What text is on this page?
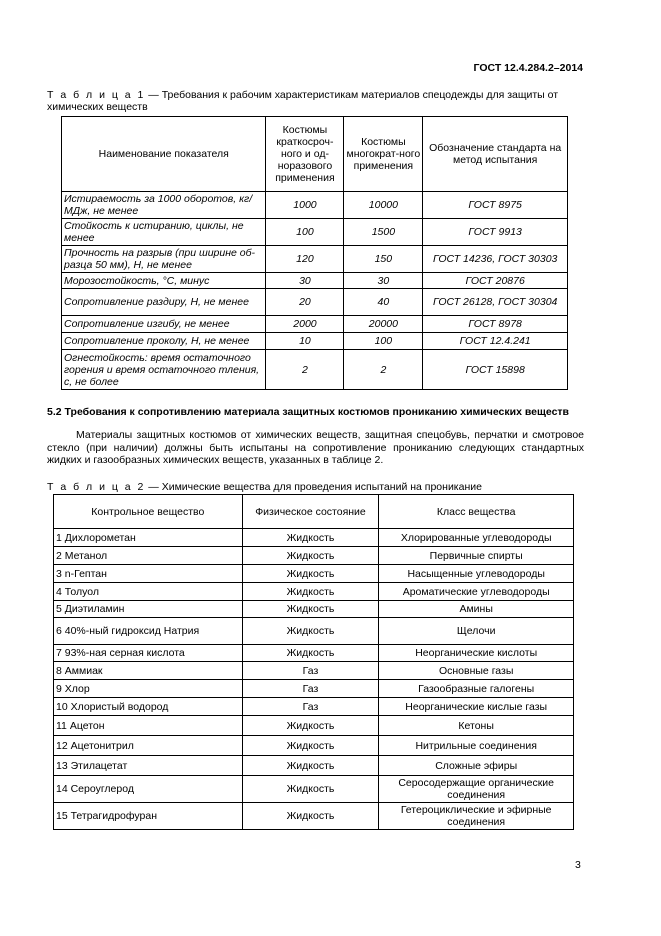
ГОСТ 12.4.284.2–2014
Т а б л и ц а 1 — Требования к рабочим характеристикам материалов спецодежды для защиты от химических веществ
Наименование показателя	Костюмы краткосроч-ного и од-норазового применения	Костюмы многократ-ного применения	Обозначение стандарта на метод испытания
Истираемость за 1000 оборотов, кг/МДж, не менее	1000	10000	ГОСТ 8975
Стойкость к истиранию, циклы, не менее	100	1500	ГОСТ 9913
Прочность на разрыв (при ширине об-разца 50 мм), Н, не менее	120	150	ГОСТ 14236, ГОСТ 30303
Морозостойкость, °С, минус	30	30	ГОСТ 20876
Сопротивление раздиру, Н, не менее	20	40	ГОСТ 26128, ГОСТ 30304
Сопротивление изгибу, не менее	2000	20000	ГОСТ 8978
Сопротивление проколу, Н, не менее	10	100	ГОСТ 12.4.241
Огнестойкость: время остаточного горения и время остаточного тления, с, не более	2	2	ГОСТ 15898
5.2 Требования к сопротивлению материала защитных костюмов прониканию химических веществ
Материалы защитных костюмов от химических веществ, защитная спецобувь, перчатки и смотровое стекло (при наличии) должны быть испытаны на сопротивление прониканию следующих стандартных жидких и газообразных химических веществ, указанных в таблице 2.
Т а б л и ц а 2 — Химические вещества для проведения испытаний на проникание
Контрольное вещество	Физическое состояние	Класс вещества
1 Дихлорометан	Жидкость	Хлорированные углеводороды
2 Метанол	Жидкость	Первичные спирты
3 n-Гептан	Жидкость	Насыщенные углеводороды
4 Толуол	Жидкость	Ароматические углеводороды
5 Диэтиламин	Жидкость	Амины
6 40%-ный гидроксид Натрия	Жидкость	Щелочи
7 93%-ная серная кислота	Жидкость	Неорганические кислоты
8 Аммиак	Газ	Основные газы
9 Хлор	Газ	Газообразные галогены
10 Хлористый водород	Газ	Неорганические кислые газы
11 Ацетон	Жидкость	Кетоны
12 Ацетонитрил	Жидкость	Нитрильные соединения
13 Этилацетат	Жидкость	Сложные эфиры
14 Сероуглерод	Жидкость	Серосодержащие органические соединения
15 Тетрагидрофуран	Жидкость	Гетероциклические и эфирные соединения
3
